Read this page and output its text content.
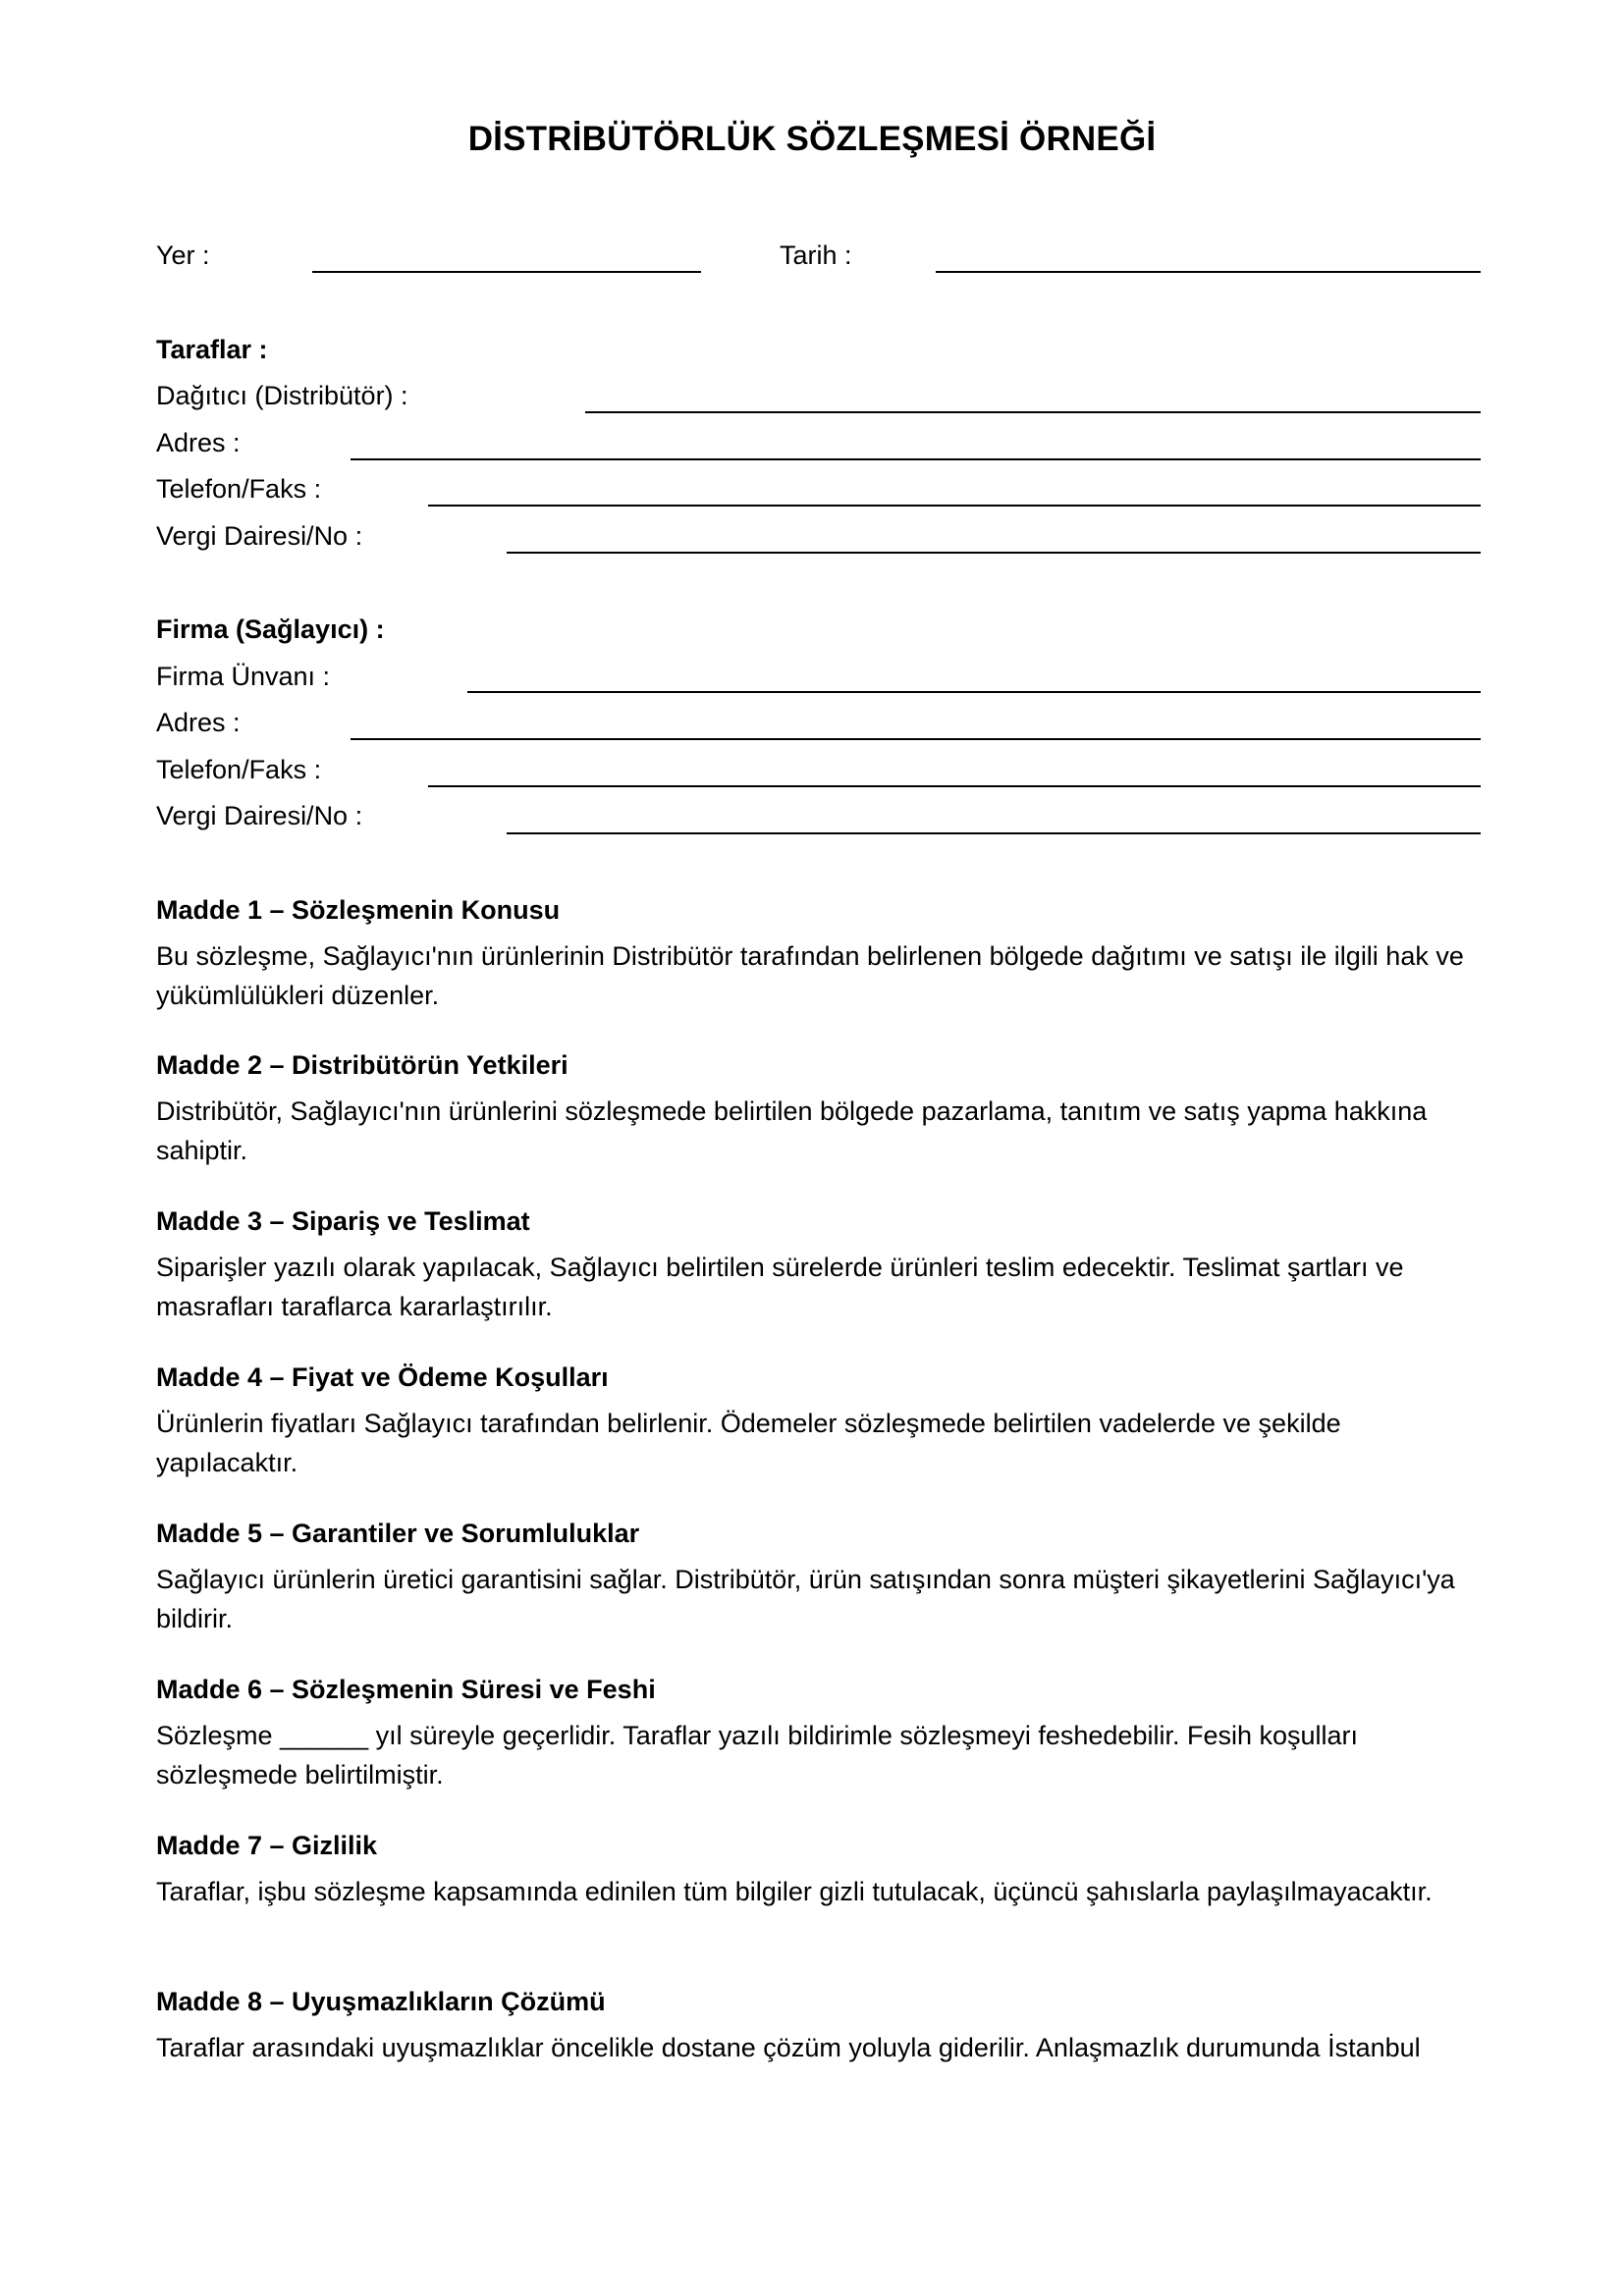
DİSTRİBÜTÖRLÜK SÖZLEŞMESİ ÖRNEĞİ
Yer :	Tarih :
Taraflar :
Dağıtıcı (Distribütör) :
Adres :
Telefon/Faks :
Vergi Dairesi/No :
Firma (Sağlayıcı) :
Firma Ünvanı :
Adres :
Telefon/Faks :
Vergi Dairesi/No :
Madde 1 – Sözleşmenin Konusu
Bu sözleşme, Sağlayıcı'nın ürünlerinin Distribütör tarafından belirlenen bölgede dağıtımı ve satışı ile ilgili hak ve yükümlülükleri düzenler.
Madde 2 – Distribütörün Yetkileri
Distribütör, Sağlayıcı'nın ürünlerini sözleşmede belirtilen bölgede pazarlama, tanıtım ve satış yapma hakkına sahiptir.
Madde 3 – Sipariş ve Teslimat
Siparişler yazılı olarak yapılacak, Sağlayıcı belirtilen sürelerde ürünleri teslim edecektir. Teslimat şartları ve masrafları taraflarca kararlaştırılır.
Madde 4 – Fiyat ve Ödeme Koşulları
Ürünlerin fiyatları Sağlayıcı tarafından belirlenir. Ödemeler sözleşmede belirtilen vadelerde ve şekilde yapılacaktır.
Madde 5 – Garantiler ve Sorumluluklar
Sağlayıcı ürünlerin üretici garantisini sağlar. Distribütör, ürün satışından sonra müşteri şikayetlerini Sağlayıcı'ya bildirir.
Madde 6 – Sözleşmenin Süresi ve Feshi
Sözleşme ______ yıl süreyle geçerlidir. Taraflar yazılı bildirimle sözleşmeyi feshedebilir. Fesih koşulları sözleşmede belirtilmiştir.
Madde 7 – Gizlilik
Taraflar, işbu sözleşme kapsamında edinilen tüm bilgiler gizli tutulacak, üçüncü şahıslarla paylaşılmayacaktır.
Madde 8 – Uyuşmazlıkların Çözümü
Taraflar arasındaki uyuşmazlıklar öncelikle dostane çözüm yoluyla giderilir. Anlaşmazlık durumunda İstanbul
